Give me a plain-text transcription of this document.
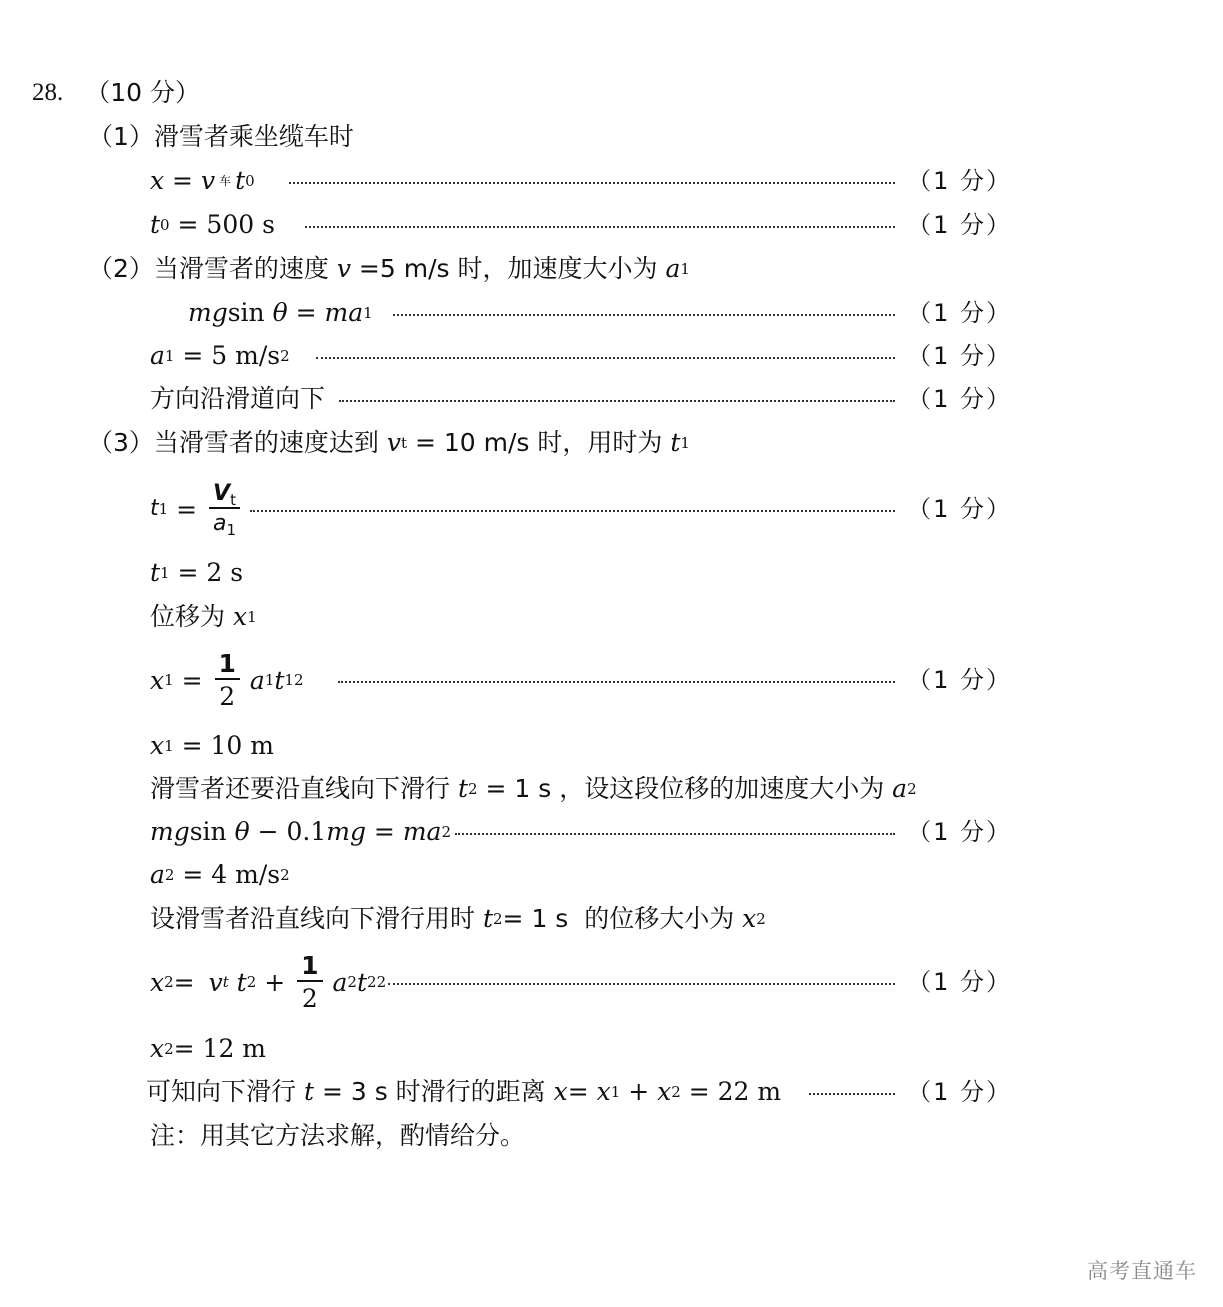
28. （10 分）
（1） 滑雪者乘坐缆车时
x = v 车 t 0	（1 分）
t 0 = 500 s	（1 分）
（2） 当滑雪者的速度 v =5 m/s 时，加速度大小为 a 1
mg sin θ = ma 1	（1 分）
a 1 = 5 m/s 2	（1 分）
方向沿滑道向下	（1 分）
（3） 当滑雪者的速度达到 v t = 10 m/s 时，用时为 t 1
t $1 = \frac{V_t}{a_1}$	（1 分）
t 1 = 2 s
位移为 x 1
x $1 = \frac{1}{2}$ a 1 t 1 2	（1 分）
x 1 = 10 m
滑雪者还要沿直线向下滑行 t 2 = 1 s ，设这段位移的加速度大小为 a 2
mg sin θ − 0.1 mg = ma 2	（1 分）
a 2 = 4 m/s 2
设滑雪者沿直线向下滑行用时 t 2 = 1 s  的位移大小为 x 2
x 2 = v t t $2 + \frac{1}{2}$ a 2 t 2 2	（1 分）
x 2 = 12 m
可知向下滑行 t = 3 s 时滑行的距离 x = x 1 + x 2 = 22 m	（1 分）
注：用其它方法求解，酌情给分。
高考直通车
